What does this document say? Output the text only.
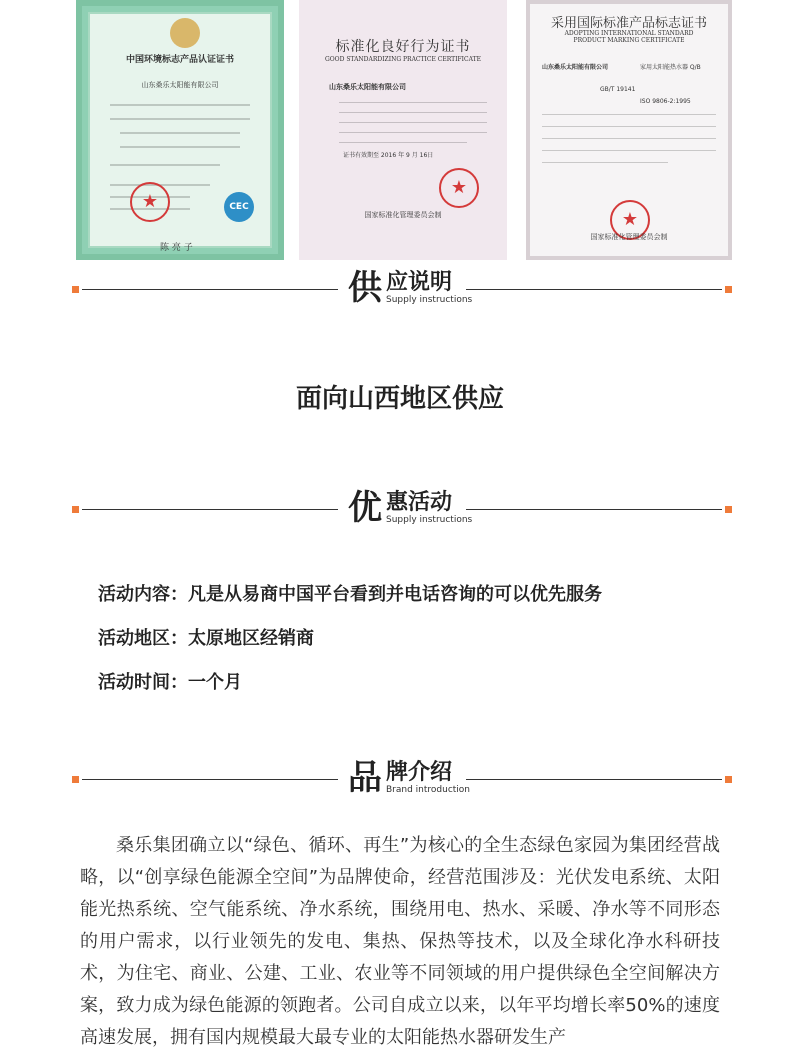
中国环境标志产品认证证书
山东桑乐太阳能有限公司
★	CEC
陈 亮 子
标准化良好行为证书
GOOD STANDARDIZING PRACTICE CERTIFICATE
山东桑乐太阳能有限公司
证书有效期至 2016 年 9 月 16日
★
国家标准化管理委员会制
采用国际标准产品标志证书
ADOPTING INTERNATIONAL STANDARD PRODUCT MARKING CERTIFICATE
山东桑乐太阳能有限公司	家用太阳能热水器 Q/B
GB/T 19141
ISO 9806-2:1995
★
国家标准化管理委员会制
供 应说明
Supply instructions
面向山西地区供应
优 惠活动
Supply instructions
活动内容：凡是从易商中国平台看到并电话咨询的可以优先服务
活动地区：太原地区经销商
活动时间：一个月
品 牌介绍
Brand introduction
桑乐集团确立以“绿色、循环、再生”为核心的全生态绿色家园为集团经营战略，以“创享绿色能源全空间”为品牌使命，经营范围涉及：光伏发电系统、太阳能光热系统、空气能系统、净水系统，围绕用电、热水、采暖、净水等不同形态的用户需求，以行业领先的发电、集热、保热等技术，以及全球化净水科研技术，为住宅、商业、公建、工业、农业等不同领域的用户提供绿色全空间解决方案，致力成为绿色能源的领跑者。公司自成立以来，以年平均增长率50%的速度高速发展，拥有国内规模最大最专业的太阳能热水器研发生产
